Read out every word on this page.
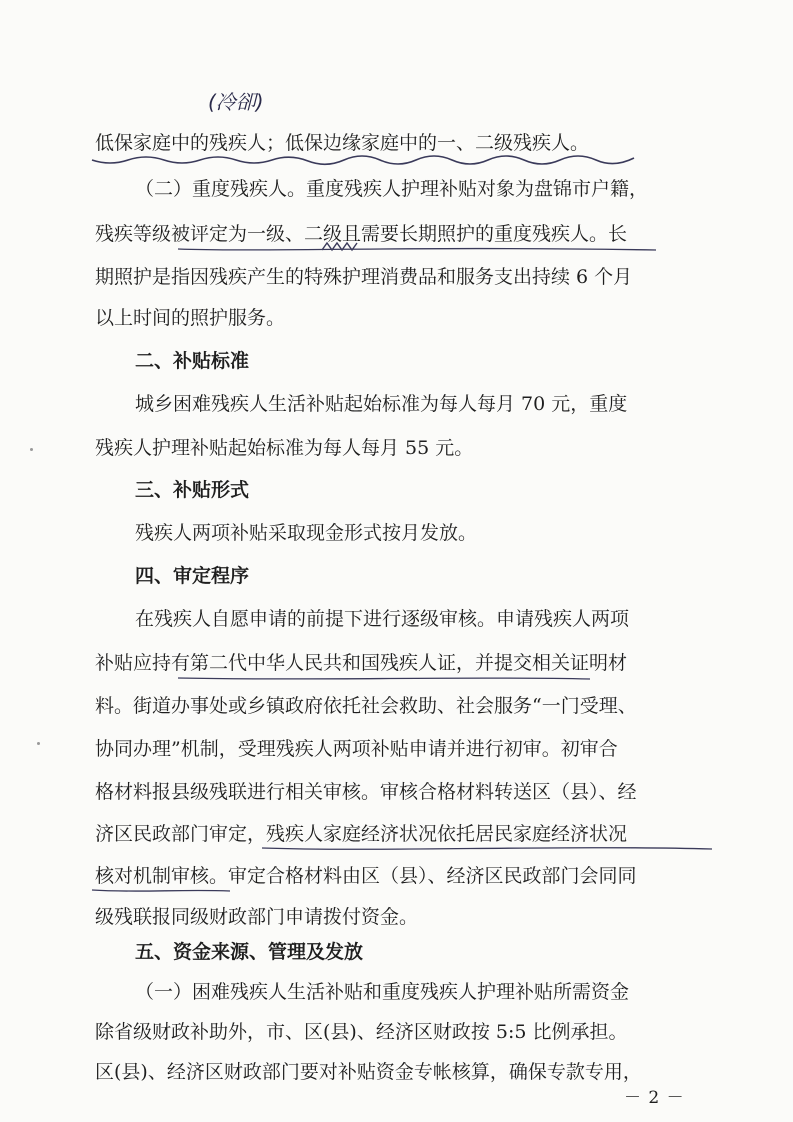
(冷卻)
低保家庭中的残疾人；低保边缘家庭中的一、二级残疾人。
（二）重度残疾人。重度残疾人护理补贴对象为盘锦市户籍，
残疾等级被评定为一级、二级且需要长期照护的重度残疾人。长
期照护是指因残疾产生的特殊护理消费品和服务支出持续 6 个月
以上时间的照护服务。
二、补贴标准
城乡困难残疾人生活补贴起始标准为每人每月 70 元，重度
残疾人护理补贴起始标准为每人每月 55 元。
三、补贴形式
残疾人两项补贴采取现金形式按月发放。
四、审定程序
在残疾人自愿申请的前提下进行逐级审核。申请残疾人两项
补贴应持有第二代中华人民共和国残疾人证，并提交相关证明材
料。街道办事处或乡镇政府依托社会救助、社会服务“一门受理、
协同办理”机制，受理残疾人两项补贴申请并进行初审。初审合
格材料报县级残联进行相关审核。审核合格材料转送区（县）、经
济区民政部门审定，残疾人家庭经济状况依托居民家庭经济状况
核对机制审核。审定合格材料由区（县）、经济区民政部门会同同
级残联报同级财政部门申请拨付资金。
五、资金来源、管理及发放
（一）困难残疾人生活补贴和重度残疾人护理补贴所需资金
除省级财政补助外，市、区(县)、经济区财政按 5:5 比例承担。
区(县)、经济区财政部门要对补贴资金专帐核算，确保专款专用，
－ 2 －
